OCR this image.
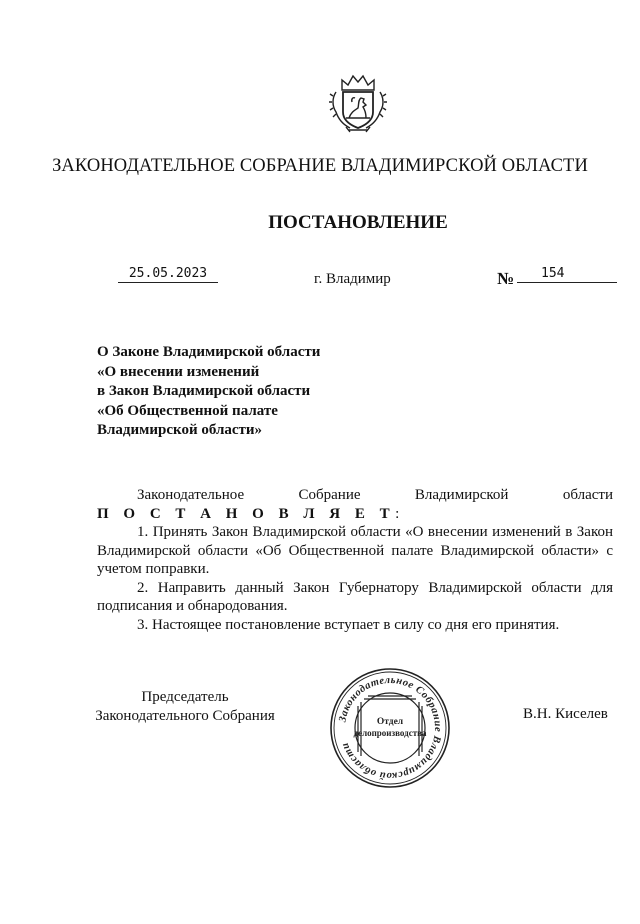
ЗАКОНОДАТЕЛЬНОЕ СОБРАНИЕ ВЛАДИМИРСКОЙ ОБЛАСТИ
ПОСТАНОВЛЕНИЕ
25.05.2023	г. Владимир	№	154
О Законе Владимирской области
«О внесении изменений
в Закон Владимирской области
«Об Общественной палате
Владимирской области»
Законодательное	Собрание	Владимирской	области
П О С Т А Н О В Л Я Е Т:

1. Принять Закон Владимирской области «О внесении изменений в Закон Владимирской области «Об Общественной палате Владимирской области» с учетом поправки.

2. Направить данный Закон Губернатору Владимирской области для подписания и обнародования.

3. Настоящее постановление вступает в силу со дня его принятия.

Председатель
Законодательного Собрания	Законодательное Собрание Владимирской области
Отдел
делопроизводства
В.Н. Киселев
